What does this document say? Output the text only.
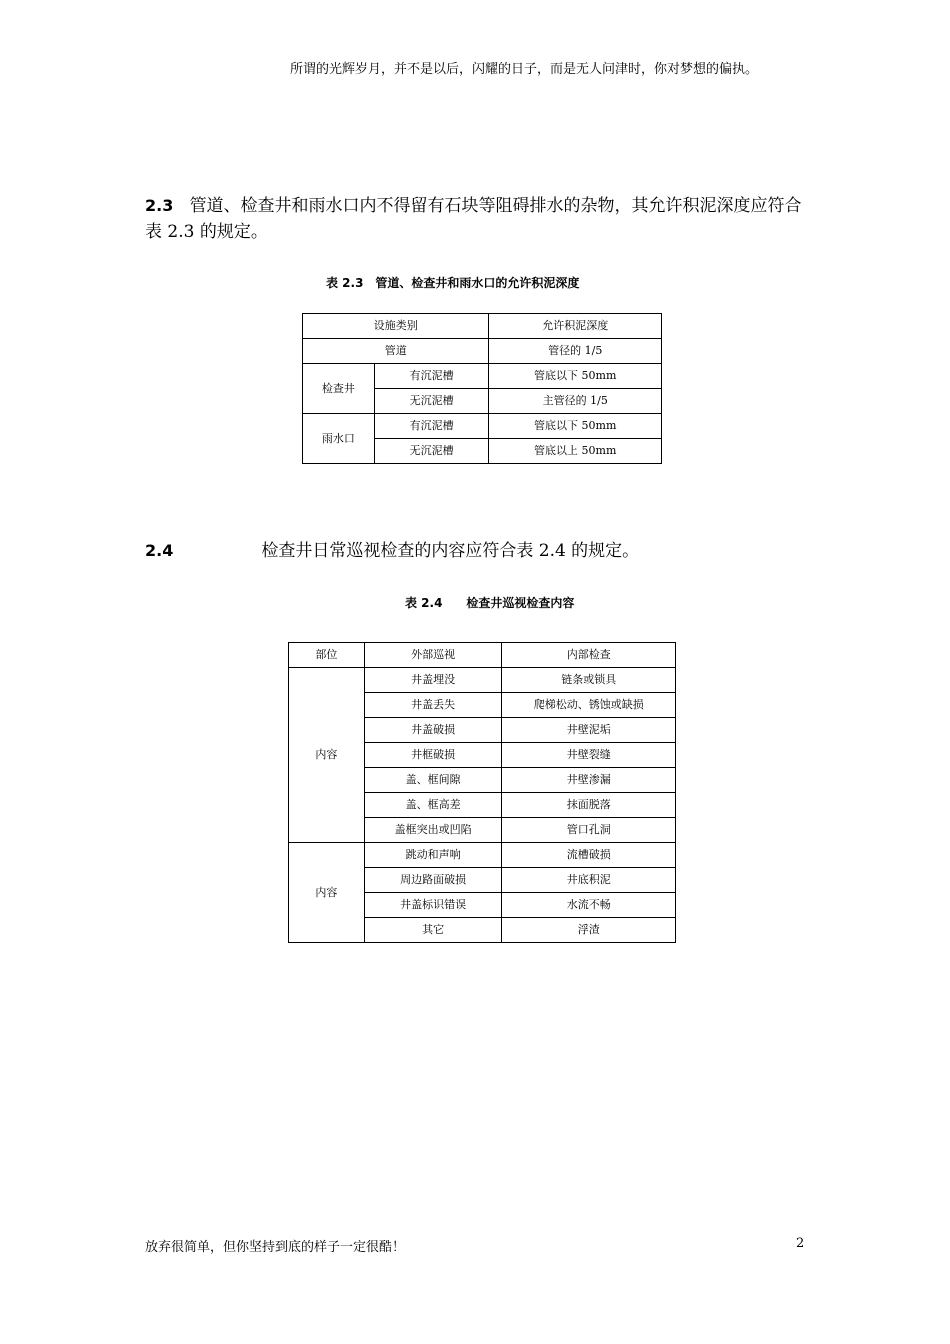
所谓的光辉岁月，并不是以后，闪耀的日子，而是无人问津时，你对梦想的偏执。
2.3 管道、检查井和雨水口内不得留有石块等阻碍排水的杂物，其允许积泥深度应符合表 2.3 的规定。
表 2.3　管道、检查井和雨水口的允许积泥深度
设施类别		允许积泥深度
管道		管径的 1/5
检查井	有沉泥槽	管底以下 50mm
	无沉泥槽	主管径的 1/5
雨水口	有沉泥槽	管底以下 50mm
	无沉泥槽	管底以上 50mm
2.4	检查井日常巡视检查的内容应符合表 2.4 的规定。
表 2.4　　检查井巡视检查内容
部位	外部巡视	内部检查
内容	井盖埋没	链条或锁具
	井盖丢失	爬梯松动、锈蚀或缺损
	井盖破损	井壁泥垢
	井框破损	井壁裂缝
	盖、框间隙	井壁渗漏
	盖、框高差	抹面脱落
	盖框突出或凹陷	管口孔洞
内容	跳动和声响	流槽破损
	周边路面破损	井底积泥
	井盖标识错误	水流不畅
	其它	浮渣
放弃很简单，但你坚持到底的样子一定很酷！	2
